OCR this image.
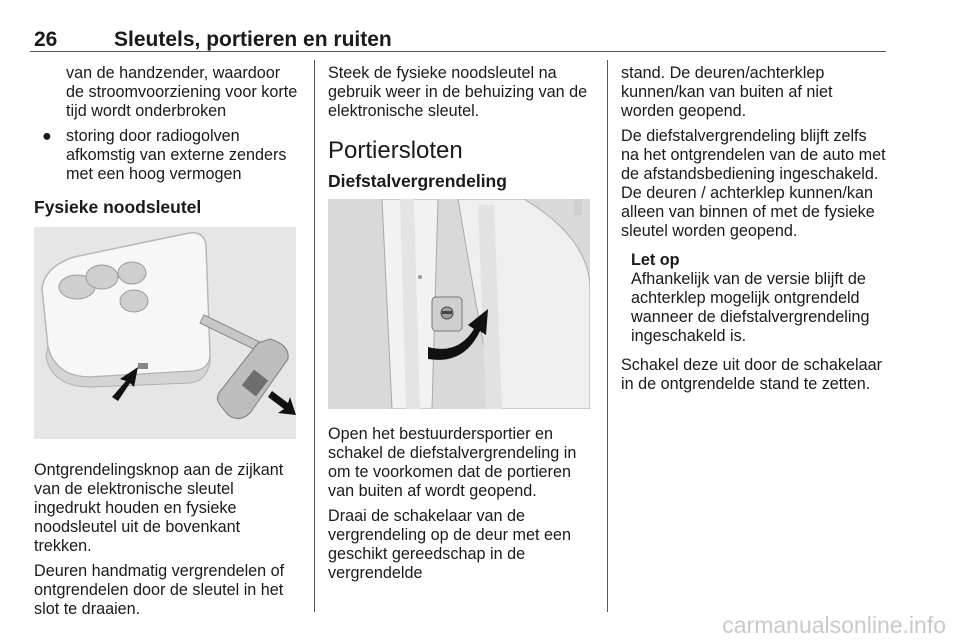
26	Sleutels, portieren en ruiten

van de handzender, waardoor de stroomvoorziening voor korte tijd wordt onderbroken

● storing door radiogolven afkomstig van externe zenders met een hoog vermogen
Fysieke noodsleutel

Ontgrendelingsknop aan de zijkant van de elektronische sleutel ingedrukt houden en fysieke noodsleutel uit de bovenkant trekken.

Deuren handmatig vergrendelen of ontgrendelen door de sleutel in het slot te draaien.

Steek de fysieke noodsleutel na gebruik weer in de behuizing van de elektronische sleutel.

Portiersloten
Diefstalvergrendeling

Open het bestuurdersportier en schakel de diefstalvergrendeling in om te voorkomen dat de portieren van buiten af wordt geopend.

Draai de schakelaar van de vergrendeling op de deur met een geschikt gereedschap in de vergrendelde

stand. De deuren/achterklep kunnen/kan van buiten af niet worden geopend.

De diefstalvergrendeling blijft zelfs na het ontgrendelen van de auto met de afstandsbediening ingeschakeld. De deuren / achterklep kunnen/kan alleen van binnen of met de fysieke sleutel worden geopend.

Let op

Afhankelijk van de versie blijft de achterklep mogelijk ontgrendeld wanneer de diefstalvergrendeling ingeschakeld is.

Schakel deze uit door de schakelaar in de ontgrendelde stand te zetten.

carmanualsonline.info
